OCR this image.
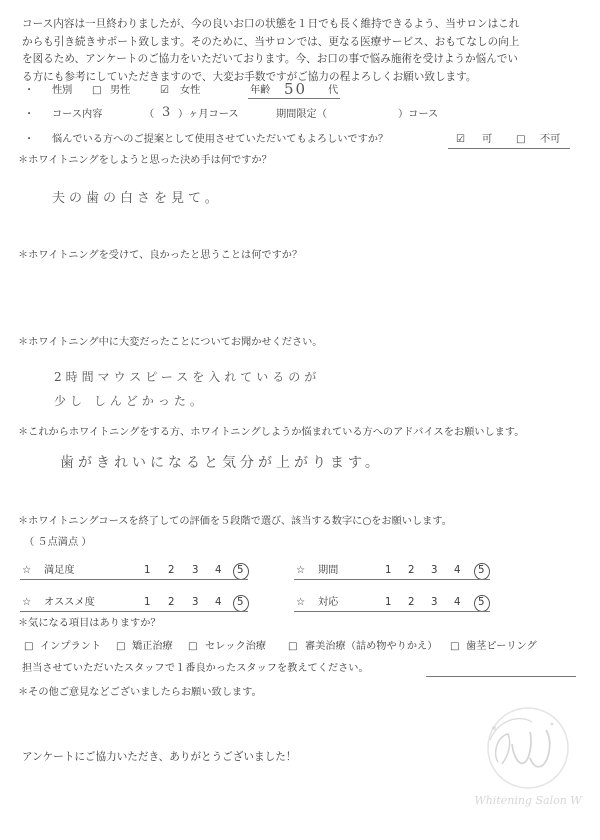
コース内容は一旦終わりましたが、今の良いお口の状態を１日でも長く維持できるよう、当サロンはこれ
からも引き続きサポート致します。そのために、当サロンでは、更なる医療サービス、おもてなしの向上
を図るため、アンケートのご協力をいただいております。今、お口の事で悩み施術を受けようか悩んでい
る方にも参考にしていただきますので、大変お手数ですがご協力の程よろしくお願い致します。
・ 性別 □ 男性	☑ 女性	年齢 50 代
・ コース内容	（ 3 ）ヶ月コース	期間限定（	）コース
・ 悩んでいる方へのご提案として使用させていただいてもよろしいですか？	☑ 可 □ 不可
＊ホワイトニングをしようと思った決め手は何ですか？
夫の歯の白さを見て。
＊ホワイトニングを受けて、良かったと思うことは何ですか？
＊ホワイトニング中に大変だったことについてお聞かせください。
2時間マウスピースを入れているのが
少し しんどかった。
＊これからホワイトニングをする方、ホワイトニングしようか悩まれている方へのアドバイスをお願いします。
歯がきれいになると気分が上がります。
＊ホワイトニングコースを終了しての評価を５段階で選び、該当する数字に○をお願いします。
（ ５点満点 ）
☆ 満足度	1 2 3 4 5	☆ 期間	1 2 3 4 5
☆ オススメ度	1 2 3 4 5	☆ 対応	1 2 3 4 5
＊気になる項目はありますか？
□ インプラント □ 矯正治療 □ セレック治療 □ 審美治療（詰め物やりかえ） □ 歯茎ピーリング
担当させていただいたスタッフで１番良かったスタッフを教えてください。
＊その他ご意見などございましたらお願い致します。
アンケートにご協力いただき、ありがとうございました！
Whitening Salon W
